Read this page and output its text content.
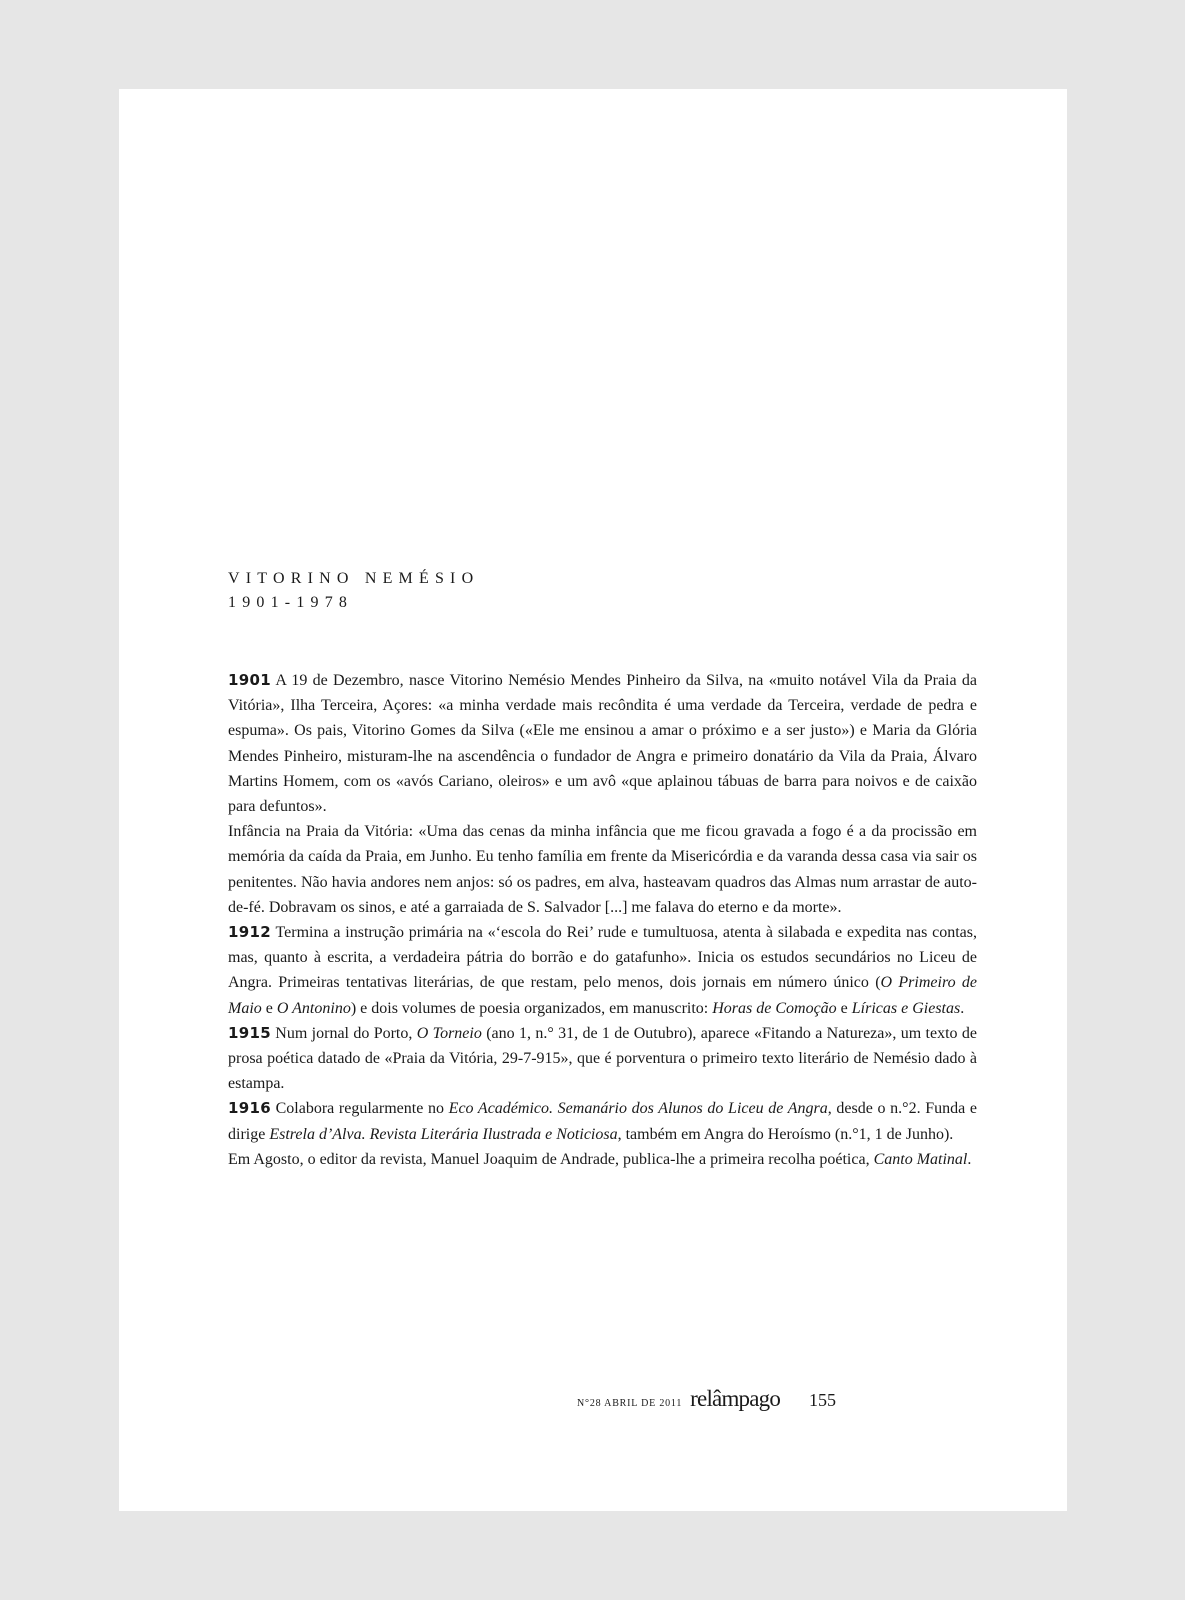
VITORINO NEMÉSIO
1901-1978

1901 A 19 de Dezembro, nasce Vitorino Nemésio Mendes Pinheiro da Silva, na «muito notável Vila da Praia da Vitória», Ilha Terceira, Açores: «a minha verdade mais recôndita é uma verdade da Terceira, verdade de pedra e espuma». Os pais, Vitorino Gomes da Silva («Ele me ensinou a amar o próximo e a ser justo») e Maria da Glória Mendes Pinheiro, misturam-lhe na ascendência o fundador de Angra e primeiro donatário da Vila da Praia, Álvaro Martins Homem, com os «avós Cariano, oleiros» e um avô «que aplainou tábuas de barra para noivos e de caixão para defuntos».

Infância na Praia da Vitória: «Uma das cenas da minha infância que me ficou gravada a fogo é a da procissão em memória da caída da Praia, em Junho. Eu tenho família em frente da Misericórdia e da varanda dessa casa via sair os penitentes. Não havia andores nem anjos: só os padres, em alva, hasteavam quadros das Almas num arrastar de auto-de-fé. Dobravam os sinos, e até a garraiada de S. Salvador [...] me falava do eterno e da morte».

1912 Termina a instrução primária na «‘escola do Rei’ rude e tumultuosa, atenta à silabada e expedita nas contas, mas, quanto à escrita, a verdadeira pátria do borrão e do gatafunho». Inicia os estudos secundários no Liceu de Angra. Primeiras tentativas literárias, de que restam, pelo menos, dois jornais em número único (O Primeiro de Maio e O Antonino) e dois volumes de poesia organizados, em manuscrito: Horas de Comoção e Líricas e Giestas.

1915 Num jornal do Porto, O Torneio (ano 1, n.° 31, de 1 de Outubro), aparece «Fitando a Natureza», um texto de prosa poética datado de «Praia da Vitória, 29-7-915», que é porventura o primeiro texto literário de Nemésio dado à estampa.

1916 Colabora regularmente no Eco Académico. Semanário dos Alunos do Liceu de Angra, desde o n.°2. Funda e dirige Estrela d’Alva. Revista Literária Ilustrada e Noticiosa, também em Angra do Heroísmo (n.°1, 1 de Junho).

Em Agosto, o editor da revista, Manuel Joaquim de Andrade, publica-lhe a primeira recolha poética, Canto Matinal.

N°28 ABRIL DE 2011 relâmpago 155
